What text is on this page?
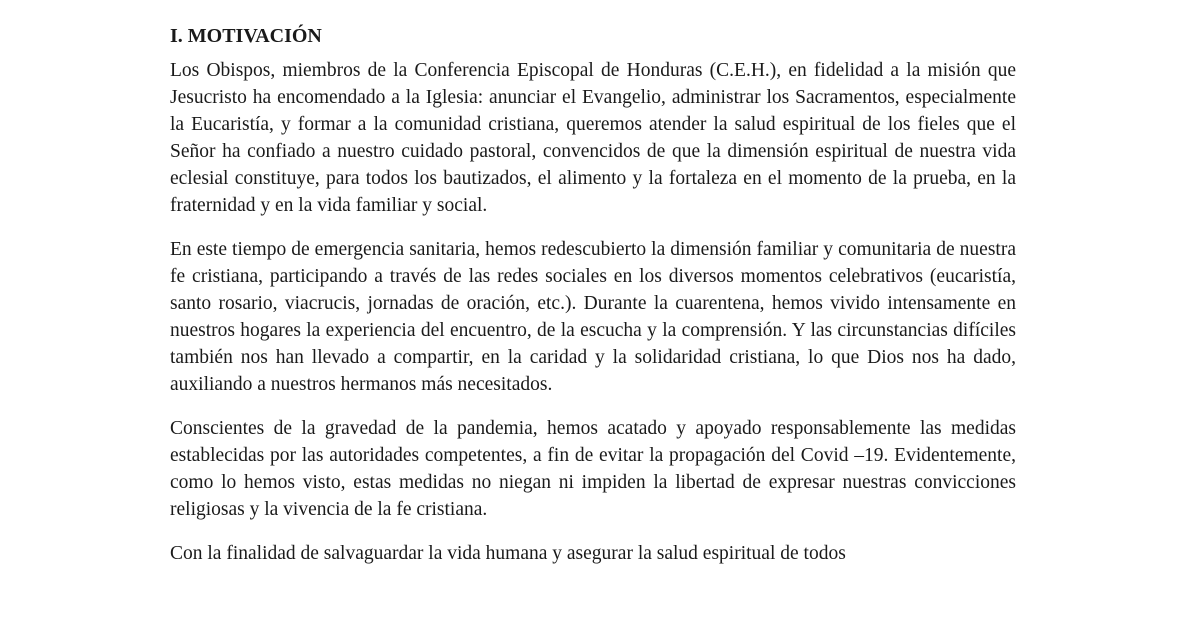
I. MOTIVACIÓN

Los Obispos, miembros de la Conferencia Episcopal de Honduras (C.E.H.), en fidelidad a la misión que Jesucristo ha encomendado a la Iglesia: anunciar el Evangelio, administrar los Sacramentos, especialmente la Eucaristía, y formar a la comunidad cristiana, queremos atender la salud espiritual de los fieles que el Señor ha confiado a nuestro cuidado pastoral, convencidos de que la dimensión espiritual de nuestra vida eclesial constituye, para todos los bautizados, el alimento y la fortaleza en el momento de la prueba, en la fraternidad y en la vida familiar y social.

En este tiempo de emergencia sanitaria, hemos redescubierto la dimensión familiar y comunitaria de nuestra fe cristiana, participando a través de las redes sociales en los diversos momentos celebrativos (eucaristía, santo rosario, viacrucis, jornadas de oración, etc.). Durante la cuarentena, hemos vivido intensamente en nuestros hogares la experiencia del encuentro, de la escucha y la comprensión. Y las circunstancias difíciles también nos han llevado a compartir, en la caridad y la solidaridad cristiana, lo que Dios nos ha dado, auxiliando a nuestros hermanos más necesitados.

Conscientes de la gravedad de la pandemia, hemos acatado y apoyado responsablemente las medidas establecidas por las autoridades competentes, a fin de evitar la propagación del Covid –19. Evidentemente, como lo hemos visto, estas medidas no niegan ni impiden la libertad de expresar nuestras convicciones religiosas y la vivencia de la fe cristiana.

Con la finalidad de salvaguardar la vida humana y asegurar la salud espiritual de todos
